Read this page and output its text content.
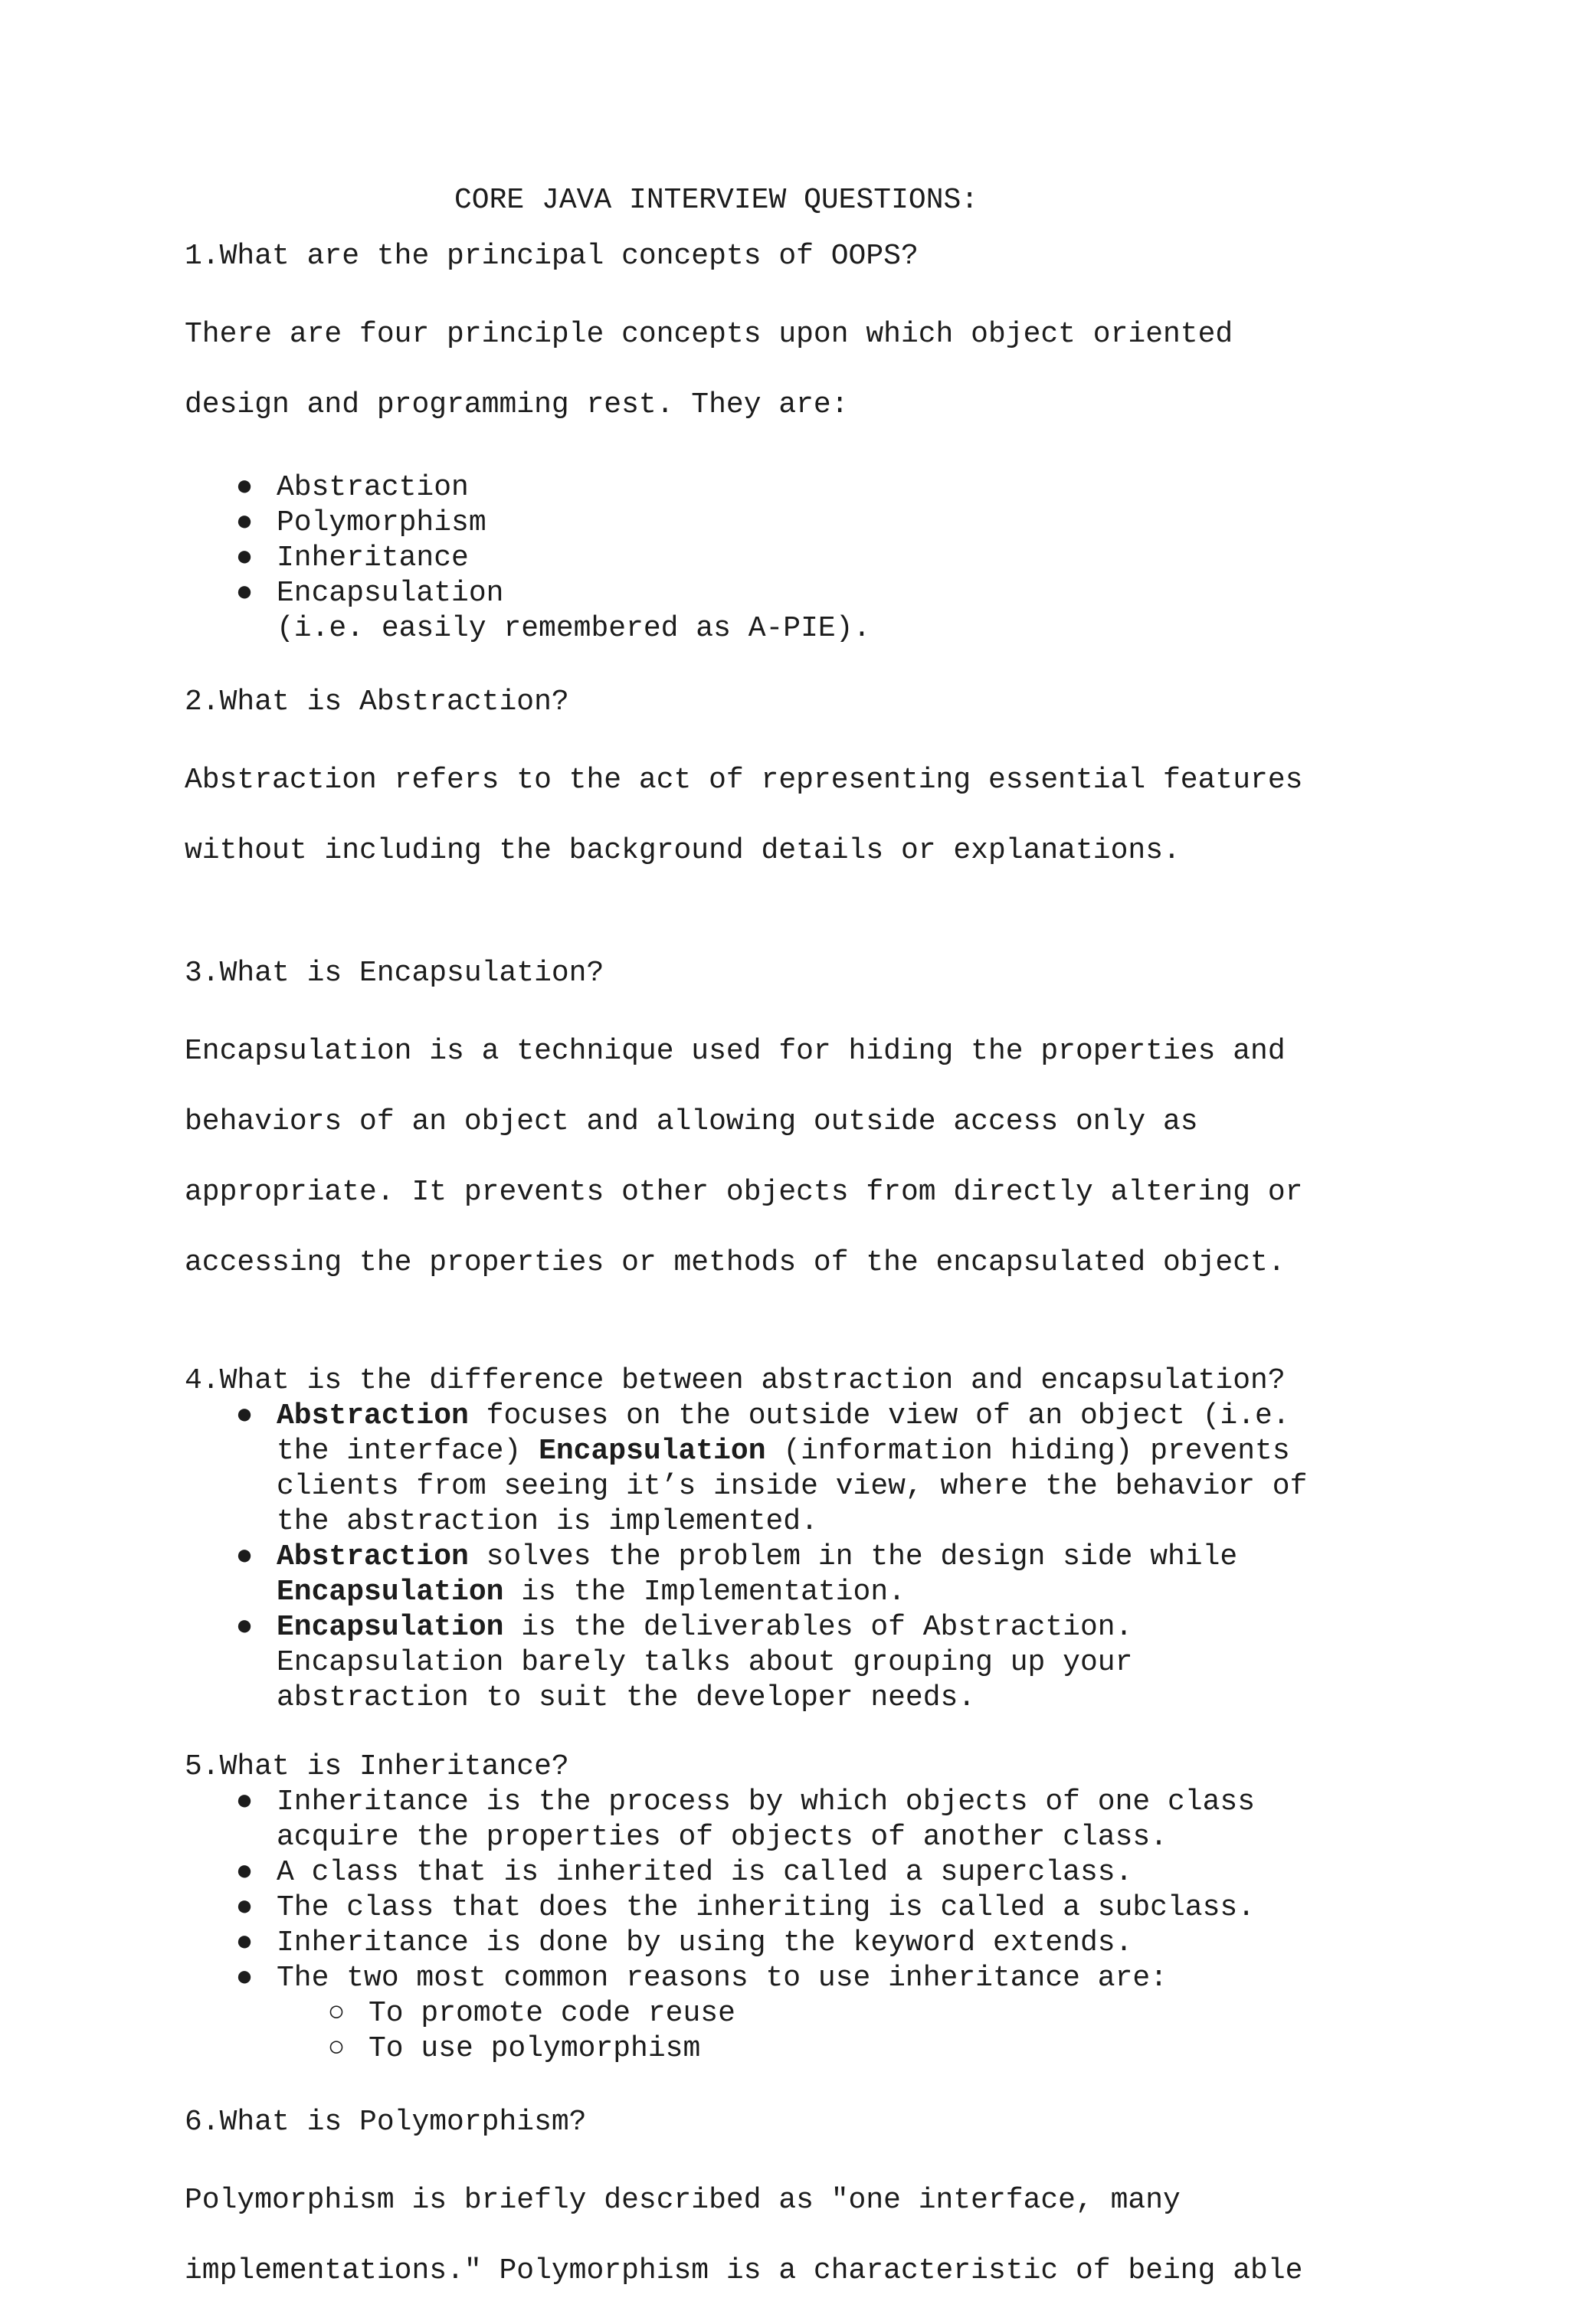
CORE JAVA INTERVIEW QUESTIONS:
1.What are the principal concepts of OOPS?

There are four principle concepts upon which object oriented

design and programming rest. They are:

● Abstraction
● Polymorphism
● Inheritance
● Encapsulation
(i.e. easily remembered as A-PIE).
2.What is Abstraction?

Abstraction refers to the act of representing essential features

without including the background details or explanations.

3.What is Encapsulation?

Encapsulation is a technique used for hiding the properties and

behaviors of an object and allowing outside access only as

appropriate. It prevents other objects from directly altering or

accessing the properties or methods of the encapsulated object.

4.What is the difference between abstraction and encapsulation?
● Abstraction focuses on the outside view of an object (i.e.
the interface) Encapsulation (information hiding) prevents
clients from seeing it’s inside view, where the behavior of
the abstraction is implemented.
● Abstraction solves the problem in the design side while
Encapsulation is the Implementation.
● Encapsulation is the deliverables of Abstraction.
Encapsulation barely talks about grouping up your
abstraction to suit the developer needs.
5.What is Inheritance?
● Inheritance is the process by which objects of one class
acquire the properties of objects of another class.
● A class that is inherited is called a superclass.
● The class that does the inheriting is called a subclass.
● Inheritance is done by using the keyword extends.
● The two most common reasons to use inheritance are:
○ To promote code reuse
○ To use polymorphism
6.What is Polymorphism?

Polymorphism is briefly described as "one interface, many

implementations." Polymorphism is a characteristic of being able
